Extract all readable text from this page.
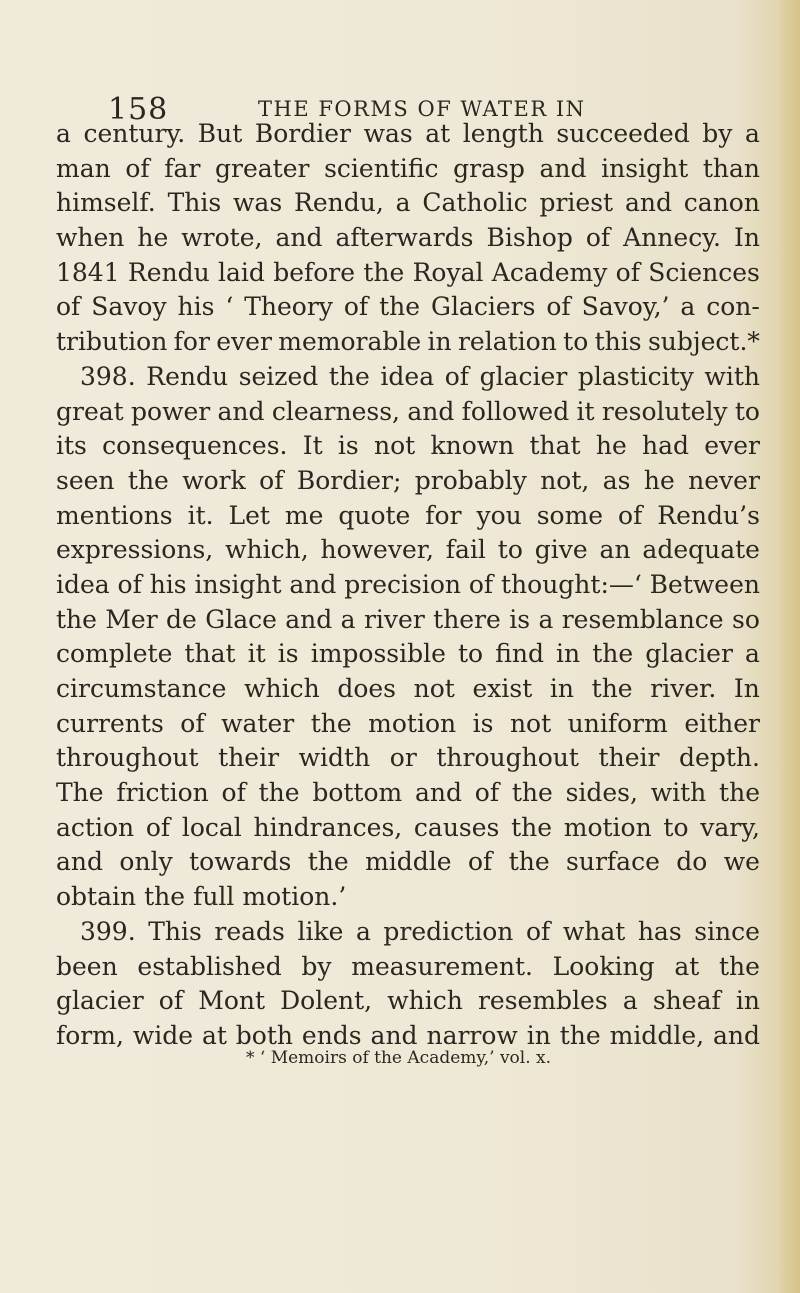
158	THE FORMS OF WATER IN
a century. But Bordier was at length succeeded by a
man of far greater scientific grasp and insight than
himself. This was Rendu, a Catholic priest and canon
when he wrote, and afterwards Bishop of Annecy. In
1841 Rendu laid before the Royal Academy of Sciences
of Savoy his ‘ Theory of the Glaciers of Savoy,’ a con-
tribution for ever memorable in relation to this subject.*
398. Rendu seized the idea of glacier plasticity with
great power and clearness, and followed it resolutely to
its consequences. It is not known that he had ever
seen the work of Bordier; probably not, as he never
mentions it. Let me quote for you some of Rendu’s
expressions, which, however, fail to give an adequate
idea of his insight and precision of thought:—‘ Between
the Mer de Glace and a river there is a resemblance so
complete that it is impossible to find in the glacier a
circumstance which does not exist in the river. In
currents of water the motion is not uniform either
throughout their width or throughout their depth.
The friction of the bottom and of the sides, with the
action of local hindrances, causes the motion to vary,
and only towards the middle of the surface do we
obtain the full motion.’
399. This reads like a prediction of what has since
been established by measurement. Looking at the
glacier of Mont Dolent, which resembles a sheaf in
form, wide at both ends and narrow in the middle, and
* ‘ Memoirs of the Academy,’ vol. x.
